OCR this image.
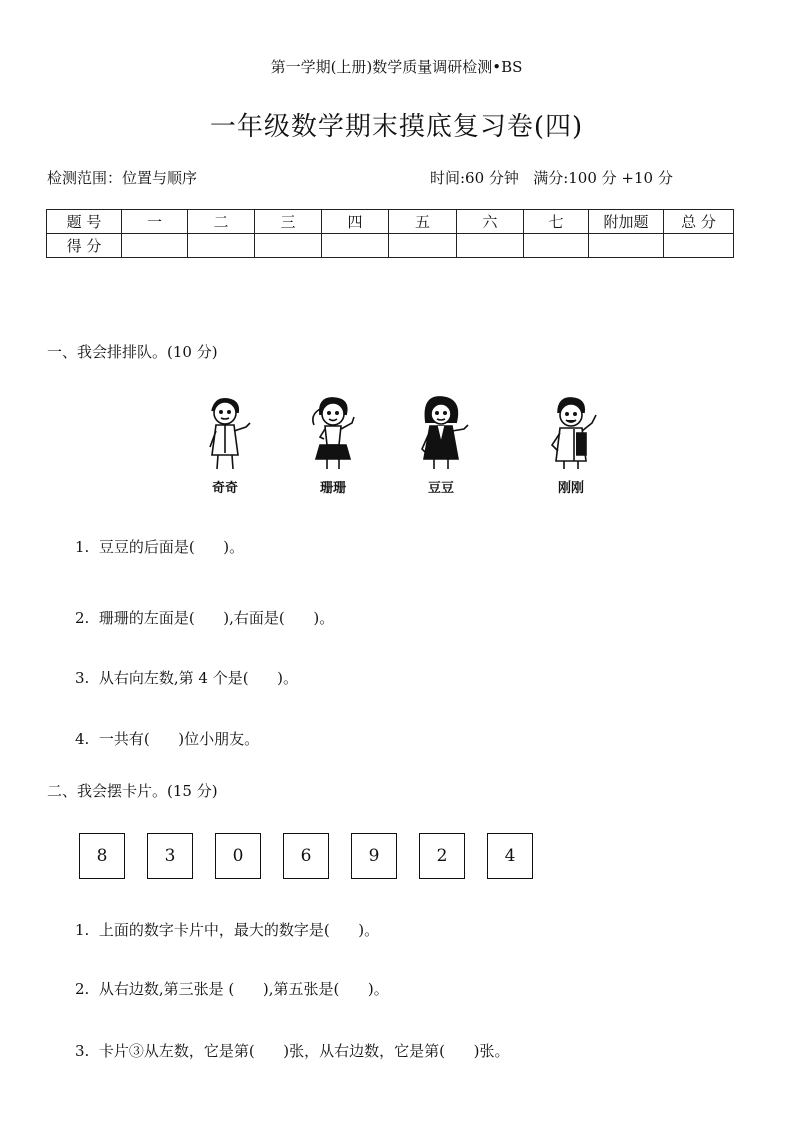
第一学期(上册)数学质量调研检测•BS
一年级数学期末摸底复习卷(四)
检测范围：位置与顺序	时间:60 分钟   满分:100 分 +10 分
题 号	一	二	三	四	五	六	七	附加题	总 分
得 分									
一、我会排排队。(10 分)
奇奇	珊珊	豆豆	刚刚
1.  豆豆的后面是(      )。
2.  珊珊的左面是(      ),右面是(      )。
3.  从右向左数,第 4 个是(      )。
4.  一共有(      )位小朋友。
二、我会摆卡片。(15 分)
8	3	0	6	9	2	4
1.  上面的数字卡片中，最大的数字是(      )。
2.  从右边数,第三张是 (      ),第五张是(      )。
3.  卡片③从左数，它是第(      )张，从右边数，它是第(      )张。
